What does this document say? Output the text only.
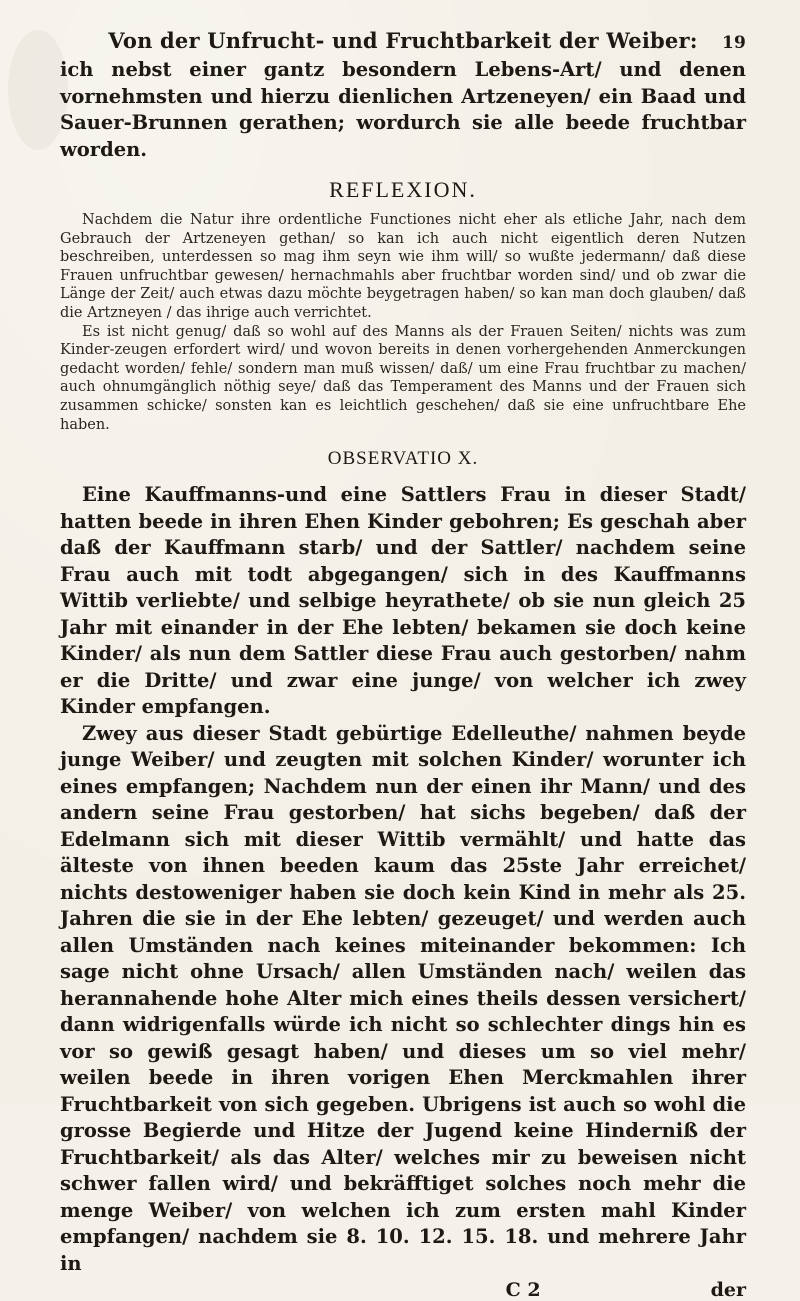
Von der Unfrucht- und Fruchtbarkeit der Weiber:	19

ich nebst einer gantz besondern Lebens-Art/ und denen vornehmsten und hierzu dienlichen Artzeneyen/ ein Baad und Sauer-Brunnen gerathen; wordurch sie alle beede fruchtbar worden.

REFLEXION.

Nachdem die Natur ihre ordentliche Functiones nicht eher als etliche Jahr, nach dem Gebrauch der Artzeneyen gethan/ so kan ich auch nicht eigentlich deren Nutzen beschreiben, unterdessen so mag ihm seyn wie ihm will/ so wußte jedermann/ daß diese Frauen unfruchtbar gewesen/ hernachmahls aber fruchtbar worden sind/ und ob zwar die Länge der Zeit/ auch etwas dazu möchte beygetragen haben/ so kan man doch glauben/ daß die Artzneyen / das ihrige auch verrichtet.

Es ist nicht genug/ daß so wohl auf des Manns als der Frauen Seiten/ nichts was zum Kinder-zeugen erfordert wird/ und wovon bereits in denen vorhergehenden Anmerckungen gedacht worden/ fehle/ sondern man muß wissen/ daß/ um eine Frau fruchtbar zu machen/ auch ohnumgänglich nöthig seye/ daß das Temperament des Manns und der Frauen sich zusammen schicke/ sonsten kan es leichtlich geschehen/ daß sie eine unfruchtbare Ehe haben.

OBSERVATIO X.

Eine Kauffmanns-und eine Sattlers Frau in dieser Stadt/ hatten beede in ihren Ehen Kinder gebohren; Es geschah aber daß der Kauffmann starb/ und der Sattler/ nachdem seine Frau auch mit todt abgegangen/ sich in des Kauffmanns Wittib verliebte/ und selbige heyrathete/ ob sie nun gleich 25 Jahr mit einander in der Ehe lebten/ bekamen sie doch keine Kinder/ als nun dem Sattler diese Frau auch gestorben/ nahm er die Dritte/ und zwar eine junge/ von welcher ich zwey Kinder empfangen.

Zwey aus dieser Stadt gebürtige Edelleuthe/ nahmen beyde junge Weiber/ und zeugten mit solchen Kinder/ worunter ich eines empfangen; Nachdem nun der einen ihr Mann/ und des andern seine Frau gestorben/ hat sichs begeben/ daß der Edelmann sich mit dieser Wittib vermählt/ und hatte das älteste von ihnen beeden kaum das 25ste Jahr erreichet/ nichts destoweniger haben sie doch kein Kind in mehr als 25. Jahren die sie in der Ehe lebten/ gezeuget/ und werden auch allen Umständen nach keines miteinander bekommen: Ich sage nicht ohne Ursach/ allen Umständen nach/ weilen das herannahende hohe Alter mich eines theils dessen versichert/ dann widrigenfalls würde ich nicht so schlechter dings hin es vor so gewiß gesagt haben/ und dieses um so viel mehr/ weilen beede in ihren vorigen Ehen Merckmahlen ihrer Fruchtbarkeit von sich gegeben. Ubrigens ist auch so wohl die grosse Begierde und Hitze der Jugend keine Hinderniß der Fruchtbarkeit/ als das Alter/ welches mir zu beweisen nicht schwer fallen wird/ und bekräfftiget solches noch mehr die menge Weiber/ von welchen ich zum ersten mahl Kinder empfangen/ nachdem sie 8. 10. 12. 15. 18. und mehrere Jahr in

C 2	der
